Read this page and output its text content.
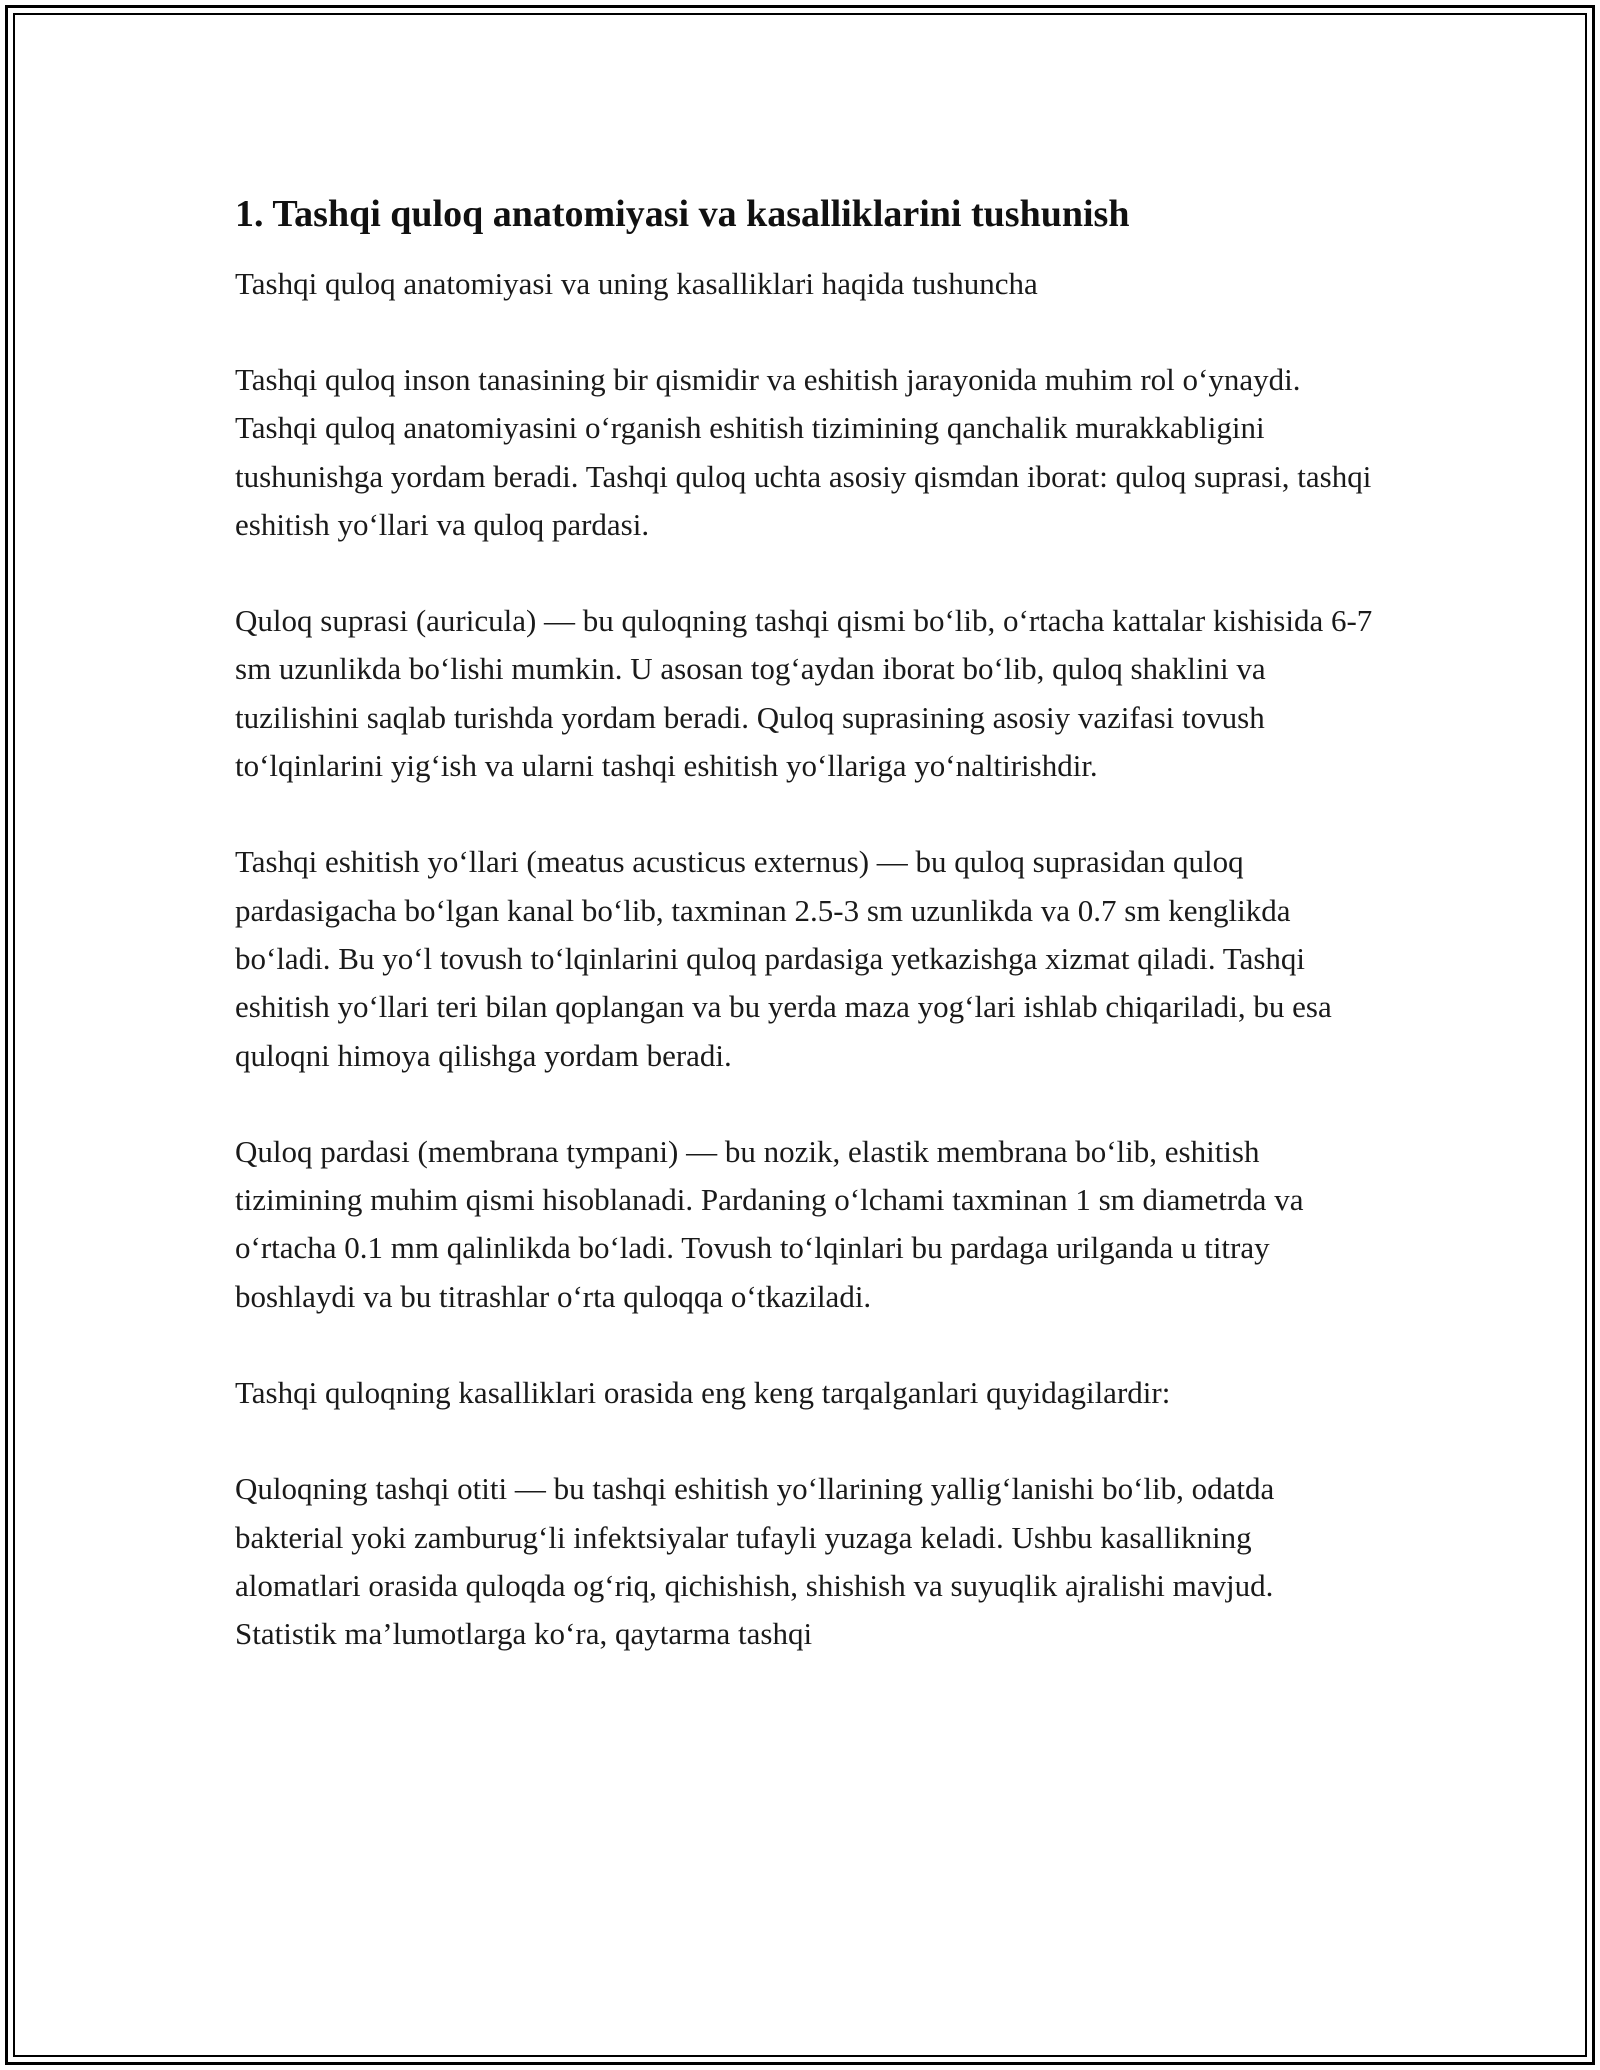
1. Tashqi quloq anatomiyasi va kasalliklarini tushunish

Tashqi quloq anatomiyasi va uning kasalliklari haqida tushuncha

Tashqi quloq inson tanasining bir qismidir va eshitish jarayonida muhim rol o‘ynaydi. Tashqi quloq anatomiyasini o‘rganish eshitish tizimining qanchalik murakkabligini tushunishga yordam beradi. Tashqi quloq uchta asosiy qismdan iborat: quloq suprasi, tashqi eshitish yo‘llari va quloq pardasi.

Quloq suprasi (auricula) — bu quloqning tashqi qismi bo‘lib, o‘rtacha kattalar kishisida 6-7 sm uzunlikda bo‘lishi mumkin. U asosan tog‘aydan iborat bo‘lib, quloq shaklini va tuzilishini saqlab turishda yordam beradi. Quloq suprasining asosiy vazifasi tovush to‘lqinlarini yig‘ish va ularni tashqi eshitish yo‘llariga yo‘naltirishdir.

Tashqi eshitish yo‘llari (meatus acusticus externus) — bu quloq suprasidan quloq pardasigacha bo‘lgan kanal bo‘lib, taxminan 2.5-3 sm uzunlikda va 0.7 sm kenglikda bo‘ladi. Bu yo‘l tovush to‘lqinlarini quloq pardasiga yetkazishga xizmat qiladi. Tashqi eshitish yo‘llari teri bilan qoplangan va bu yerda maza yog‘lari ishlab chiqariladi, bu esa quloqni himoya qilishga yordam beradi.

Quloq pardasi (membrana tympani) — bu nozik, elastik membrana bo‘lib, eshitish tizimining muhim qismi hisoblanadi. Pardaning o‘lchami taxminan 1 sm diametrda va o‘rtacha 0.1 mm qalinlikda bo‘ladi. Tovush to‘lqinlari bu pardaga urilganda u titray boshlaydi va bu titrashlar o‘rta quloqqa o‘tkaziladi.

Tashqi quloqning kasalliklari orasida eng keng tarqalganlari quyidagilardir:

Quloqning tashqi otiti — bu tashqi eshitish yo‘llarining yallig‘lanishi bo‘lib, odatda bakterial yoki zamburug‘li infektsiyalar tufayli yuzaga keladi. Ushbu kasallikning alomatlari orasida quloqda og‘riq, qichishish, shishish va suyuqlik ajralishi mavjud. Statistik ma’lumotlarga ko‘ra, qaytarma tashqi
